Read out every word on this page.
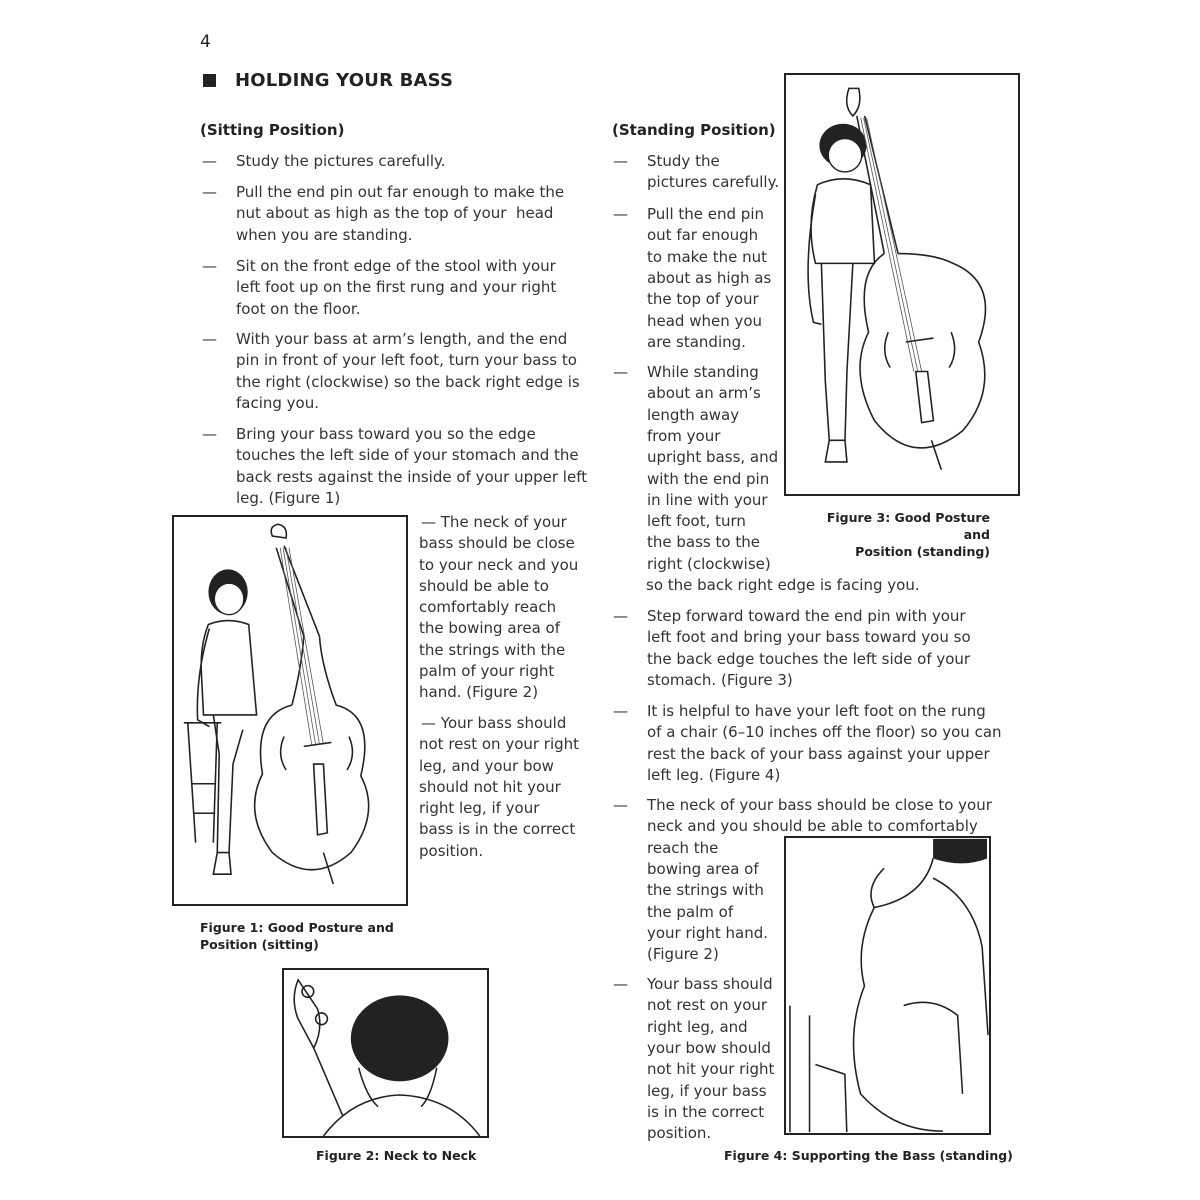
4
HOLDING YOUR BASS
(Sitting Position)
— Study the pictures carefully.
— Pull the end pin out far enough to make the
nut about as high as the top of your  head
when you are standing.
— Sit on the front edge of the stool with your
left foot up on the first rung and your right
foot on the floor.
— With your bass at arm’s length, and the end
pin in front of your left foot, turn your bass to
the right (clockwise) so the back right edge is
facing you.
— Bring your bass toward you so the edge
touches the left side of your stomach and the
back rests against the inside of your upper left
leg. (Figure 1)
— The neck of your
bass should be close
to your neck and you
should be able to
comfortably reach
the bowing area of
the strings with the
palm of your right
hand. (Figure 2)
— Your bass should
not rest on your right
leg, and your bow
should not hit your
right leg, if your
bass is in the correct
position.
Figure 1: Good Posture and
Position (sitting)
Figure 2: Neck to Neck
(Standing Position)
— Study the
pictures carefully.
— Pull the end pin
out far enough
to make the nut
about as high as
the top of your
head when you
are standing.
— While standing
about an arm’s
length away
from your
upright bass, and
with the end pin
in line with your
left foot, turn
the bass to the
right (clockwise)
so the back right edge is facing you.
— Step forward toward the end pin with your
left foot and bring your bass toward you so
the back edge touches the left side of your
stomach. (Figure 3)
— It is helpful to have your left foot on the rung
of a chair (6–10 inches off the floor) so you can
rest the back of your bass against your upper
left leg. (Figure 4)
— The neck of your bass should be close to your
neck and you should be able to comfortably
reach the
bowing area of
the strings with
the palm of
your right hand.
(Figure 2)
— Your bass should
not rest on your
right leg, and
your bow should
not hit your right
leg, if your bass
is in the correct
position.
Figure 3: Good Posture and
Position (standing)
Figure 4: Supporting the Bass (standing)
